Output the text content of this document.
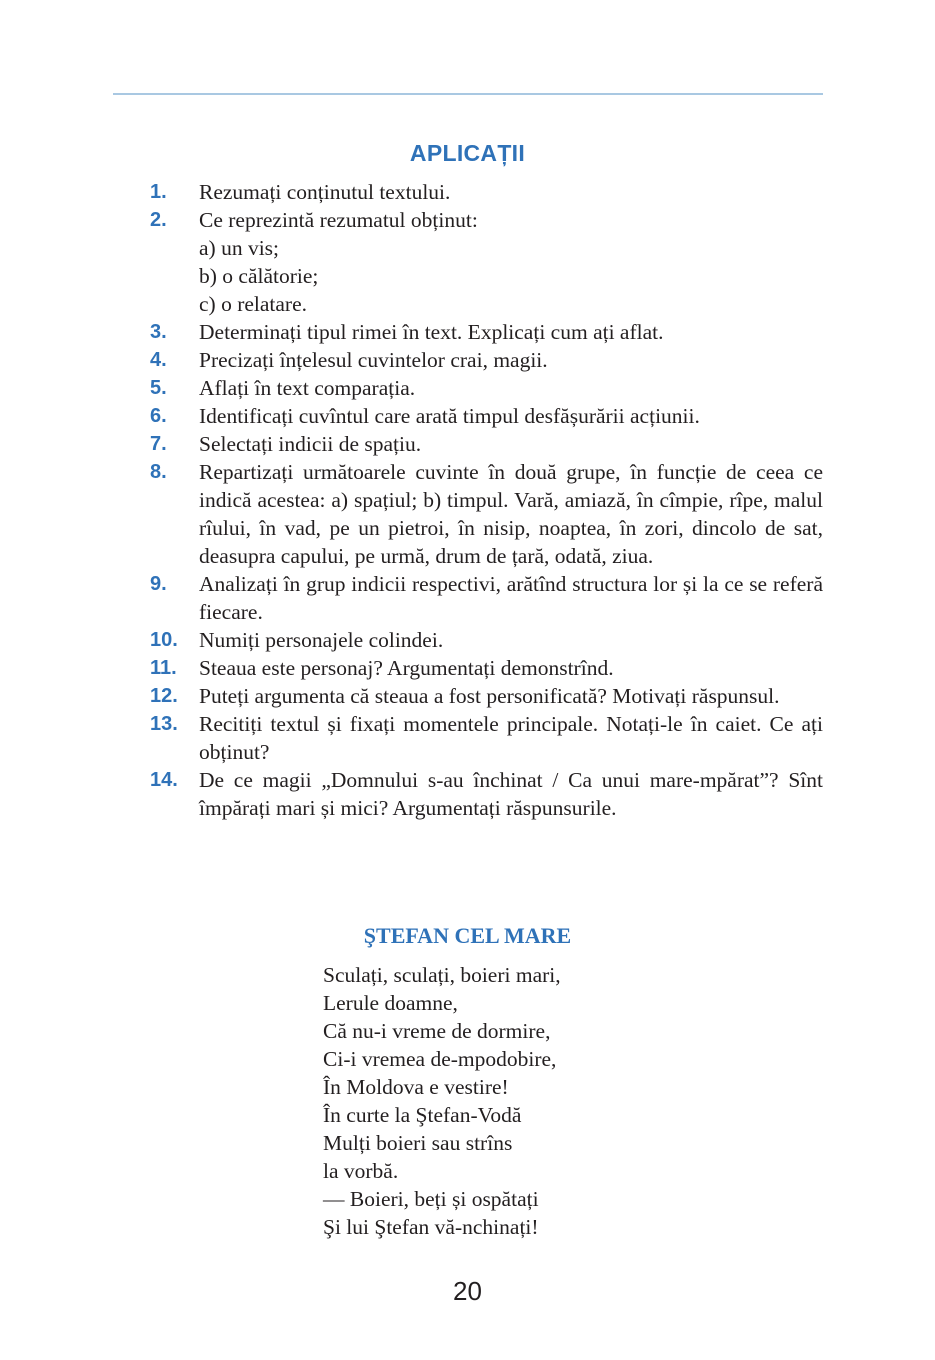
APLICAȚII
1.	Rezumați conținutul textului.
2.	Ce reprezintă rezumatul obținut:
a) un vis;
b) o călătorie;
c) o relatare.
3.	Determinați tipul rimei în text. Explicați cum ați aflat.
4.	Precizați înțelesul cuvintelor crai, magii.
5.	Aflați în text comparația.
6.	Identificați cuvîntul care arată timpul desfășurării acțiunii.
7.	Selectați indicii de spațiu.
8.	Repartizați următoarele cuvinte în două grupe, în funcție de ceea ce indică acestea: a) spațiul; b) timpul. Vară, amiază, în cîmpie, rîpe, malul rîului, în vad, pe un pietroi, în nisip, noaptea, în zori, dincolo de sat, deasupra capului, pe urmă, drum de țară, odată, ziua.
9.	Analizați în grup indicii respectivi, arătînd structura lor și la ce se referă fiecare.
10. Numiți personajele colindei.
11.	Steaua este personaj? Argumentați demonstrînd.
12. Puteți argumenta că steaua a fost personificată? Motivați răspunsul.
13. Recitiți textul și fixați momentele principale. Notați-le în caiet. Ce ați obținut?
14. De ce magii „Domnului s-au închinat / Ca unui mare-mpărat”? Sînt împărați mari și mici? Argumentați răspunsurile.
ŞTEFAN CEL MARE
Sculați, sculați, boieri mari,
Lerule doamne,
Că nu-i vreme de dormire,
Ci-i vremea de-mpodobire,
În Moldova e vestire!
În curte la Ştefan-Vodă
Mulți boieri sau strîns
la vorbă.
— Boieri, beți și ospătați
Şi lui Ştefan vă-nchinați!
20
